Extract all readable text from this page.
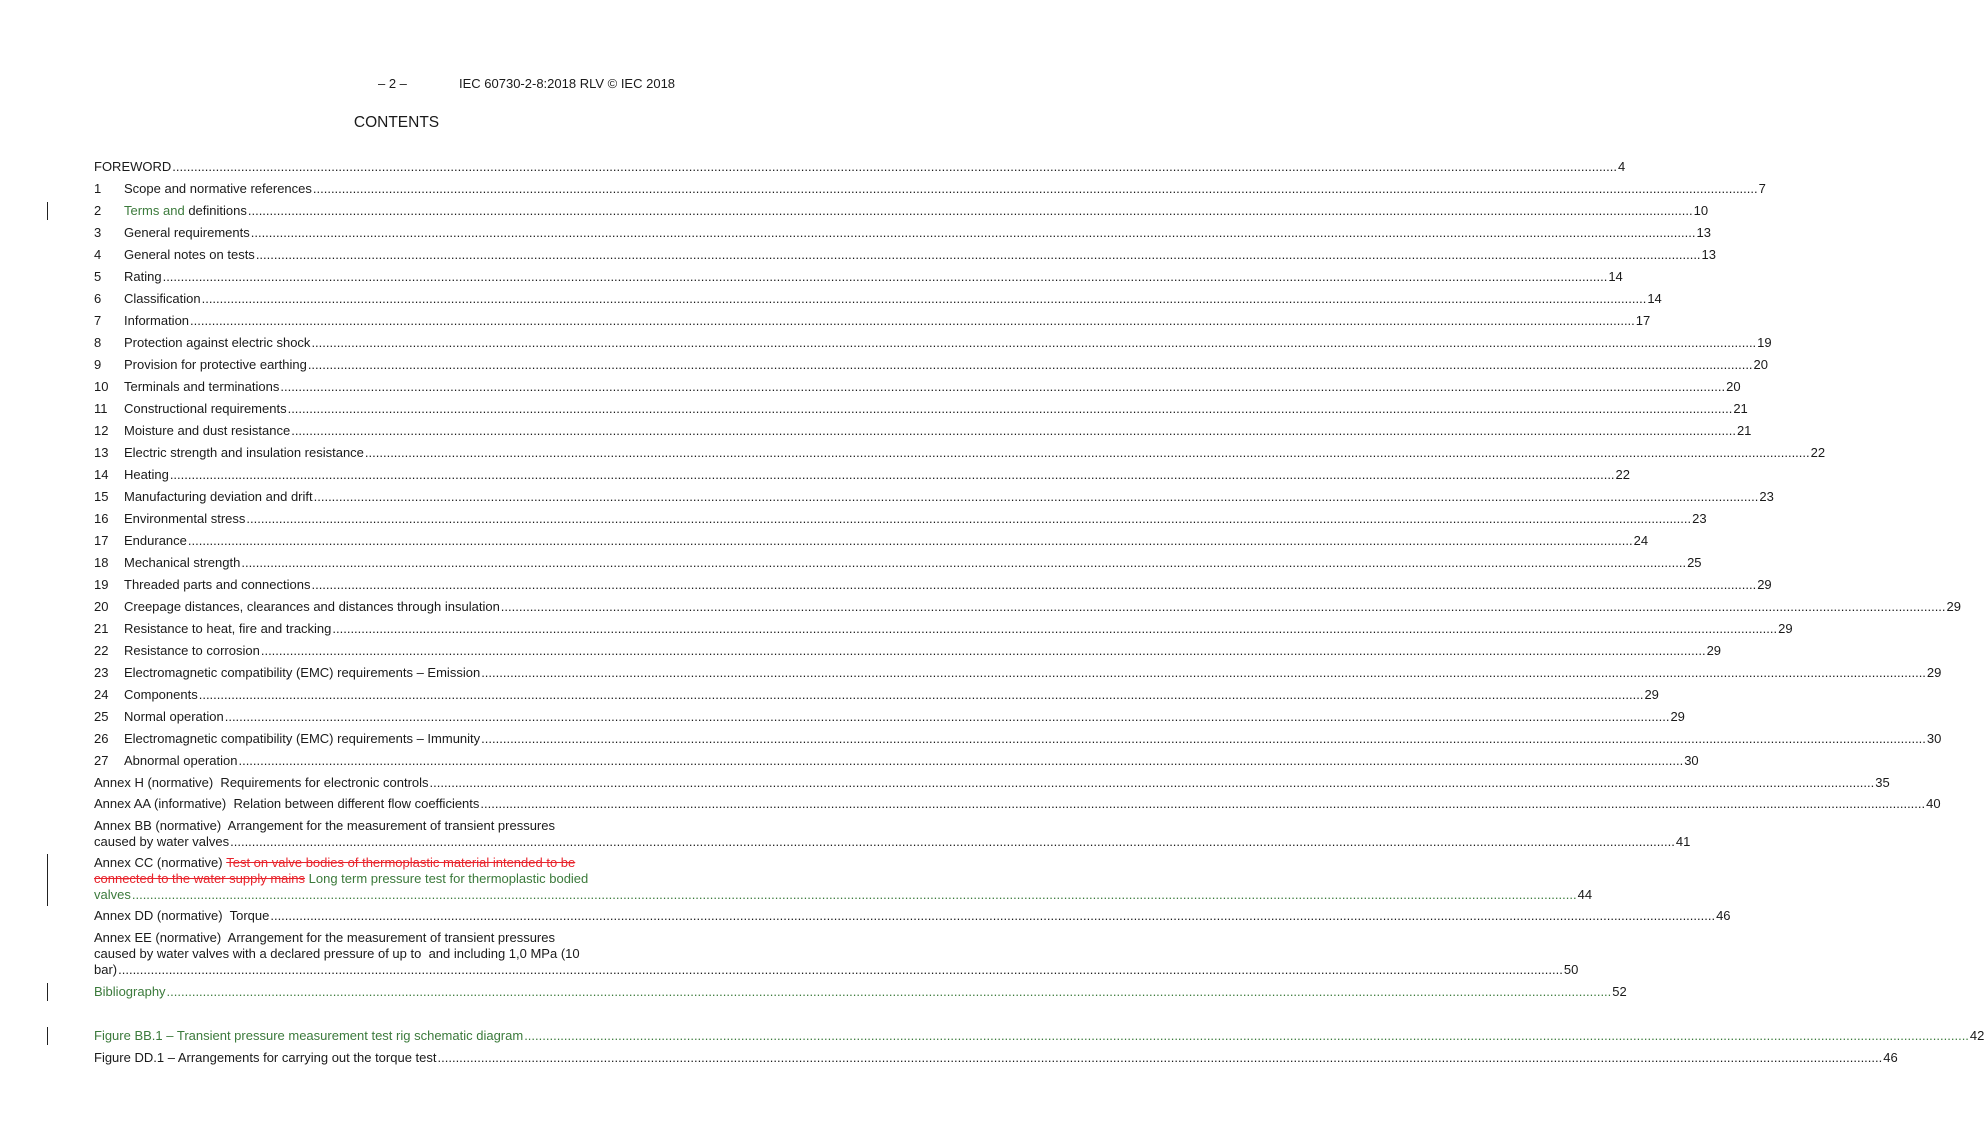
– 2 –	IEC 60730-2-8:2018 RLV © IEC 2018
CONTENTS
FOREWORD ................................................................................................................................................................................................................................................................................................................................................................................................................ 4
1	Scope and normative references ................................................................................................................................................................................................................................................................................................................................................................................................................ 7
2	Terms and definitions ................................................................................................................................................................................................................................................................................................................................................................................................................ 10
3	General requirements ................................................................................................................................................................................................................................................................................................................................................................................................................ 13
4	General notes on tests ................................................................................................................................................................................................................................................................................................................................................................................................................ 13
5	Rating ................................................................................................................................................................................................................................................................................................................................................................................................................ 14
6	Classification ................................................................................................................................................................................................................................................................................................................................................................................................................ 14
7	Information ................................................................................................................................................................................................................................................................................................................................................................................................................ 17
8	Protection against electric shock ................................................................................................................................................................................................................................................................................................................................................................................................................ 19
9	Provision for protective earthing ................................................................................................................................................................................................................................................................................................................................................................................................................ 20
10	Terminals and terminations ................................................................................................................................................................................................................................................................................................................................................................................................................ 20
11	Constructional requirements ................................................................................................................................................................................................................................................................................................................................................................................................................ 21
12	Moisture and dust resistance ................................................................................................................................................................................................................................................................................................................................................................................................................ 21
13	Electric strength and insulation resistance ................................................................................................................................................................................................................................................................................................................................................................................................................ 22
14	Heating ................................................................................................................................................................................................................................................................................................................................................................................................................ 22
15	Manufacturing deviation and drift ................................................................................................................................................................................................................................................................................................................................................................................................................ 23
16	Environmental stress ................................................................................................................................................................................................................................................................................................................................................................................................................ 23
17	Endurance ................................................................................................................................................................................................................................................................................................................................................................................................................ 24
18	Mechanical strength ................................................................................................................................................................................................................................................................................................................................................................................................................ 25
19	Threaded parts and connections ................................................................................................................................................................................................................................................................................................................................................................................................................ 29
20	Creepage distances, clearances and distances through insulation ................................................................................................................................................................................................................................................................................................................................................................................................................ 29
21	Resistance to heat, fire and tracking ................................................................................................................................................................................................................................................................................................................................................................................................................ 29
22	Resistance to corrosion ................................................................................................................................................................................................................................................................................................................................................................................................................ 29
23	Electromagnetic compatibility (EMC) requirements – Emission ................................................................................................................................................................................................................................................................................................................................................................................................................ 29
24	Components ................................................................................................................................................................................................................................................................................................................................................................................................................ 29
25	Normal operation ................................................................................................................................................................................................................................................................................................................................................................................................................ 29
26	Electromagnetic compatibility (EMC) requirements – Immunity ................................................................................................................................................................................................................................................................................................................................................................................................................ 30
27	Abnormal operation ................................................................................................................................................................................................................................................................................................................................................................................................................ 30
Annex H (normative)  Requirements for electronic controls ................................................................................................................................................................................................................................................................................................................................................................................................................ 35
Annex AA (informative)  Relation between different flow coefficients ................................................................................................................................................................................................................................................................................................................................................................................................................ 40
Annex BB (normative)  Arrangement for the measurement of transient pressures
caused by water valves ................................................................................................................................................................................................................................................................................................................................................................................................................ 41
Annex CC (normative) Test on valve bodies of thermoplastic material intended to be
connected to the water supply mains Long term pressure test for thermoplastic bodied
valves ................................................................................................................................................................................................................................................................................................................................................................................................................ 44
Annex DD (normative)  Torque ................................................................................................................................................................................................................................................................................................................................................................................................................ 46
Annex EE (normative)  Arrangement for the measurement of transient pressures
caused by water valves with a declared pressure of up to  and including 1,0 MPa (10
bar) ................................................................................................................................................................................................................................................................................................................................................................................................................ 50
Bibliography ................................................................................................................................................................................................................................................................................................................................................................................................................ 52
Figure BB.1 – Transient pressure measurement test rig schematic diagram ................................................................................................................................................................................................................................................................................................................................................................................................................ 42
Figure DD.1 – Arrangements for carrying out the torque test ................................................................................................................................................................................................................................................................................................................................................................................................................ 46
